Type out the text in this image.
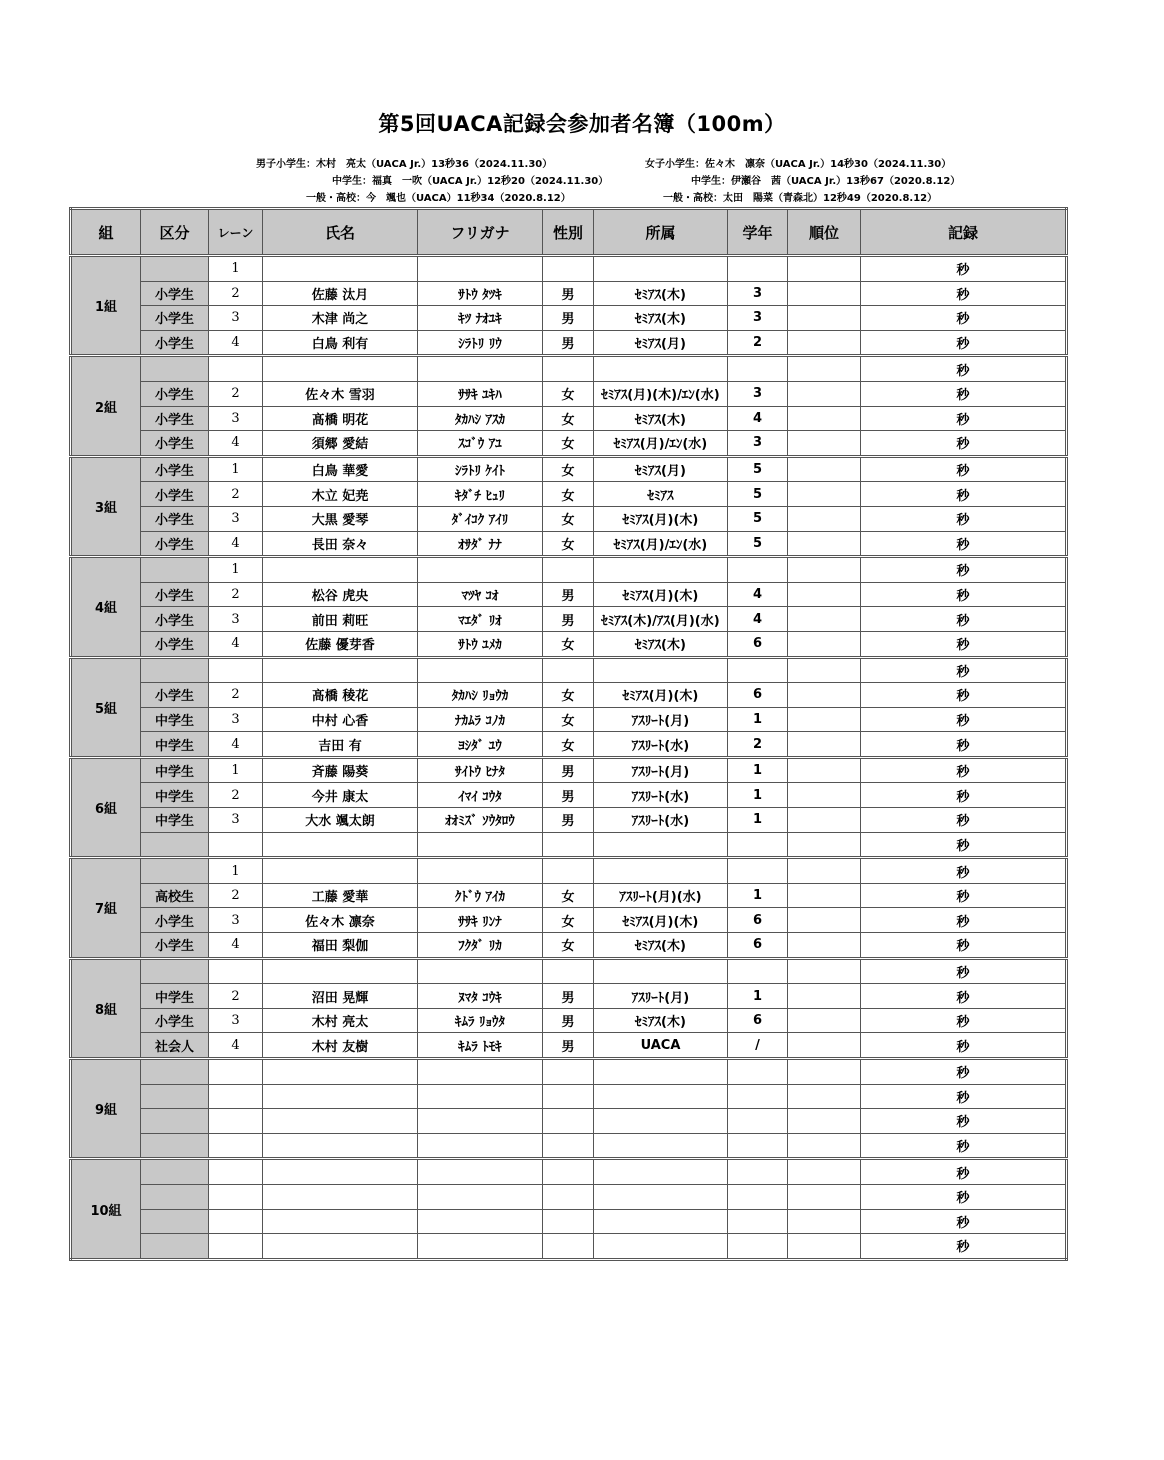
第5回UACA記録会参加者名簿（100m）
男子小学生：木村　亮太（UACA Jr.）13秒36（2024.11.30）	女子小学生：佐々木　凛奈（UACA Jr.）14秒30（2024.11.30）
中学生：福真　一吹（UACA Jr.）12秒20（2024.11.30）	中学生：伊瀬谷　茜（UACA Jr.）13秒67（2020.8.12）
一般・高校：今　颯也（UACA）11秒34（2020.8.12）	一般・高校：太田　陽菜（青森北）12秒49（2020.8.12）
組	区分	レーン	氏名	フリガナ	性別	所属	学年	順位	記録
1組		1							秒
	小学生	2	佐藤 汰月	ｻﾄｳ ﾀﾂｷ	男	ｾﾐｱｽ(木)	3		秒
	小学生	3	木津 尚之	ｷﾂ ﾅｵﾕｷ	男	ｾﾐｱｽ(木)	3		秒
	小学生	4	白鳥 利有	ｼﾗﾄﾘ ﾘｳ	男	ｾﾐｱｽ(月)	2		秒
2組									秒
	小学生	2	佐々木 雪羽	ｻｻｷ ﾕｷﾊ	女	ｾﾐｱｽ(月)(木)/ｴﾝ(水)	3		秒
	小学生	3	髙橋 明花	ﾀｶﾊｼ ｱｽｶ	女	ｾﾐｱｽ(木)	4		秒
	小学生	4	須郷 愛結	ｽｺﾞｳ ｱﾕ	女	ｾﾐｱｽ(月)/ｴﾝ(水)	3		秒
3組	小学生	1	白鳥 華愛	ｼﾗﾄﾘ ｹｲﾄ	女	ｾﾐｱｽ(月)	5		秒
	小学生	2	木立 妃尭	ｷﾀﾞﾁ ﾋｭﾘ	女	ｾﾐｱｽ	5		秒
	小学生	3	大黒 愛琴	ﾀﾞｲｺｸ ｱｲﾘ	女	ｾﾐｱｽ(月)(木)	5		秒
	小学生	4	長田 奈々	ｵｻﾀﾞ ﾅﾅ	女	ｾﾐｱｽ(月)/ｴﾝ(水)	5		秒
4組		1							秒
	小学生	2	松谷 虎央	ﾏﾂﾔ ｺｵ	男	ｾﾐｱｽ(月)(木)	4		秒
	小学生	3	前田 莉旺	ﾏｴﾀﾞ ﾘｵ	男	ｾﾐｱｽ(木)/ｱｽ(月)(水)	4		秒
	小学生	4	佐藤 優芽香	ｻﾄｳ ﾕﾒｶ	女	ｾﾐｱｽ(木)	6		秒
5組									秒
	小学生	2	髙橋 稜花	ﾀｶﾊｼ ﾘｮｳｶ	女	ｾﾐｱｽ(月)(木)	6		秒
	中学生	3	中村 心香	ﾅｶﾑﾗ ｺﾉｶ	女	ｱｽﾘｰﾄ(月)	1		秒
	中学生	4	吉田 有	ﾖｼﾀﾞ ﾕｳ	女	ｱｽﾘｰﾄ(水)	2		秒
6組	中学生	1	斉藤 陽葵	ｻｲﾄｳ ﾋﾅﾀ	男	ｱｽﾘｰﾄ(月)	1		秒
	中学生	2	今井 康太	ｲﾏｲ ｺｳﾀ	男	ｱｽﾘｰﾄ(水)	1		秒
	中学生	3	大水 颯太朗	ｵｵﾐｽﾞ ｿｳﾀﾛｳ	男	ｱｽﾘｰﾄ(水)	1		秒
									秒
7組		1							秒
	高校生	2	工藤 愛華	ｸﾄﾞｳ ｱｲｶ	女	ｱｽﾘｰﾄ(月)(水)	1		秒
	小学生	3	佐々木 凛奈	ｻｻｷ ﾘﾝﾅ	女	ｾﾐｱｽ(月)(木)	6		秒
	小学生	4	福田 梨伽	ﾌｸﾀﾞ ﾘｶ	女	ｾﾐｱｽ(木)	6		秒
8組									秒
	中学生	2	沼田 晃輝	ﾇﾏﾀ ｺｳｷ	男	ｱｽﾘｰﾄ(月)	1		秒
	小学生	3	木村 亮太	ｷﾑﾗ ﾘｮｳﾀ	男	ｾﾐｱｽ(木)	6		秒
	社会人	4	木村 友樹	ｷﾑﾗ ﾄﾓｷ	男	UACA	/		秒
9組									秒
									秒
									秒
									秒
10組									秒
									秒
									秒
									秒
